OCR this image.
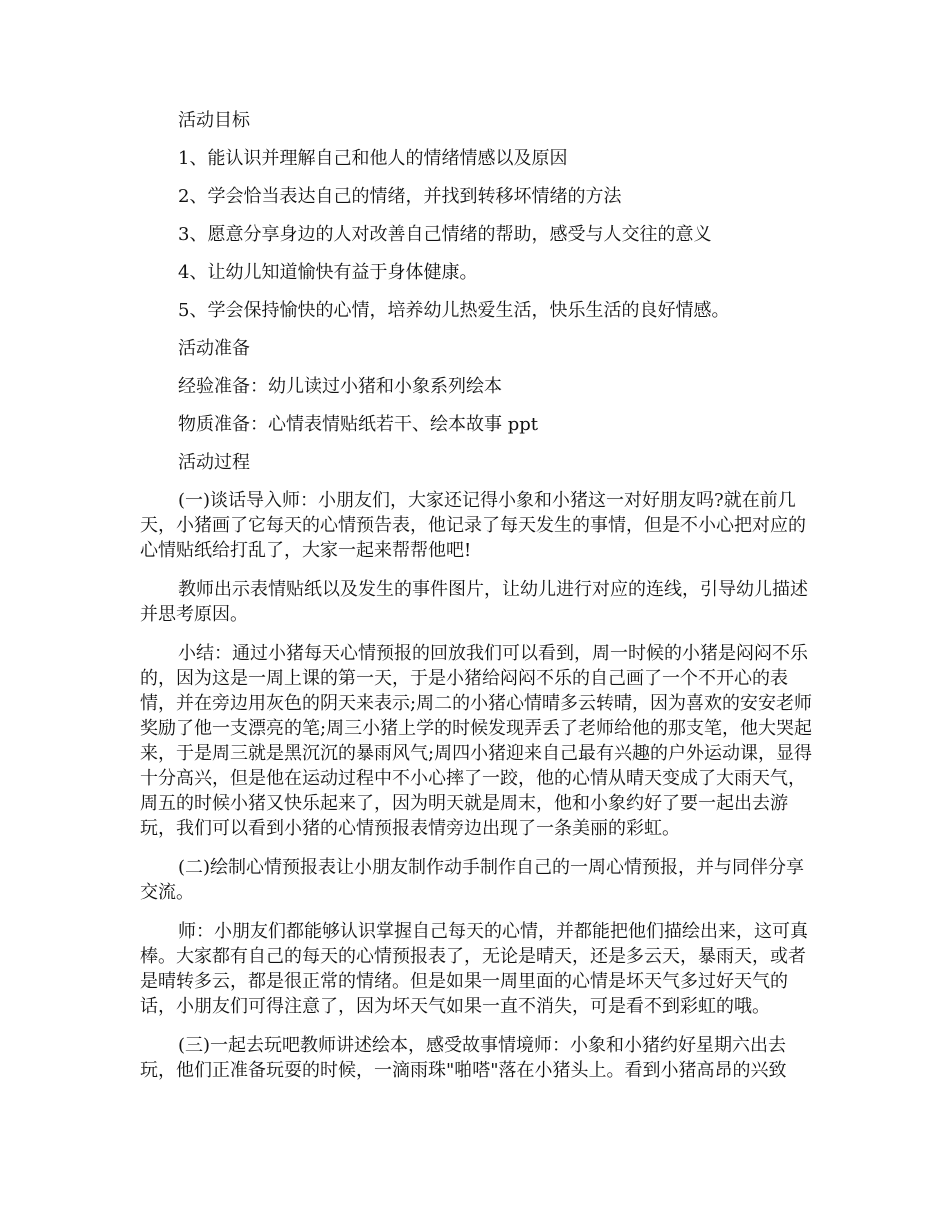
活动目标

1、能认识并理解自己和他人的情绪情感以及原因

2、学会恰当表达自己的情绪，并找到转移坏情绪的方法

3、愿意分享身边的人对改善自己情绪的帮助，感受与人交往的意义

4、让幼儿知道愉快有益于身体健康。

5、学会保持愉快的心情，培养幼儿热爱生活，快乐生活的良好情感。

活动准备

经验准备：幼儿读过小猪和小象系列绘本

物质准备：心情表情贴纸若干、绘本故事 ppt

活动过程

(一)谈话导入师：小朋友们，大家还记得小象和小猪这一对好朋友吗?就在前几天，小猪画了它每天的心情预告表，他记录了每天发生的事情，但是不小心把对应的心情贴纸给打乱了，大家一起来帮帮他吧!

教师出示表情贴纸以及发生的事件图片，让幼儿进行对应的连线，引导幼儿描述并思考原因。

小结：通过小猪每天心情预报的回放我们可以看到，周一时候的小猪是闷闷不乐的，因为这是一周上课的第一天，于是小猪给闷闷不乐的自己画了一个不开心的表情，并在旁边用灰色的阴天来表示;周二的小猪心情晴多云转晴，因为喜欢的安安老师奖励了他一支漂亮的笔;周三小猪上学的时候发现弄丢了老师给他的那支笔，他大哭起来，于是周三就是黑沉沉的暴雨风气;周四小猪迎来自己最有兴趣的户外运动课，显得十分高兴，但是他在运动过程中不小心摔了一跤，他的心情从晴天变成了大雨天气，周五的时候小猪又快乐起来了，因为明天就是周末，他和小象约好了要一起出去游玩，我们可以看到小猪的心情预报表情旁边出现了一条美丽的彩虹。

(二)绘制心情预报表让小朋友制作动手制作自己的一周心情预报，并与同伴分享交流。

师：小朋友们都能够认识掌握自己每天的心情，并都能把他们描绘出来，这可真棒。大家都有自己的每天的心情预报表了，无论是晴天，还是多云天，暴雨天，或者是晴转多云，都是很正常的情绪。但是如果一周里面的心情是坏天气多过好天气的话，小朋友们可得注意了，因为坏天气如果一直不消失，可是看不到彩虹的哦。

(三)一起去玩吧教师讲述绘本，感受故事情境师：小象和小猪约好星期六出去玩，他们正准备玩耍的时候，一滴雨珠"啪嗒"落在小猪头上。看到小猪高昂的兴致
